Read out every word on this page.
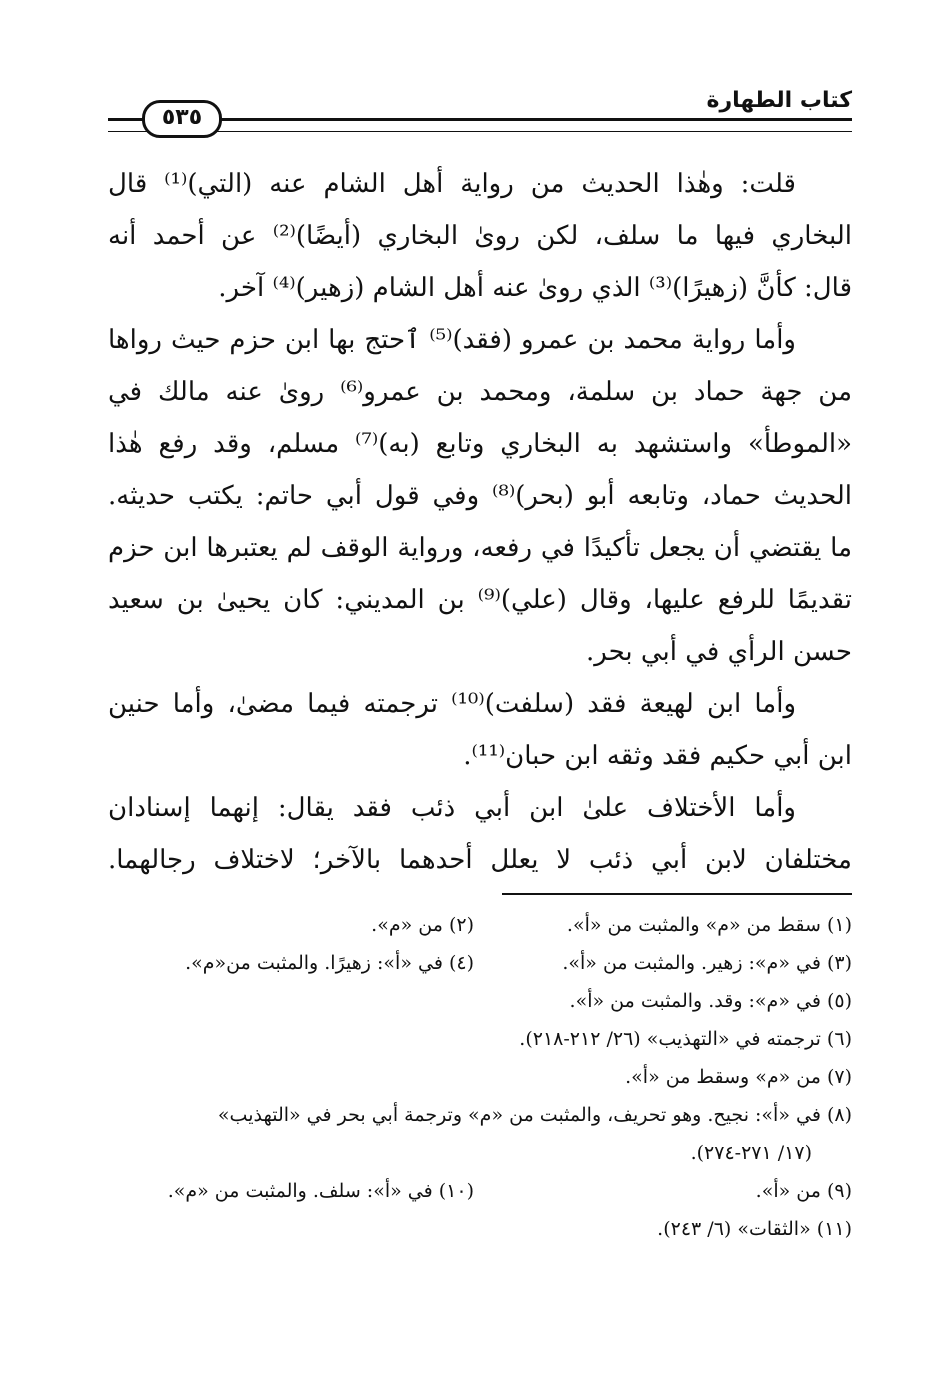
كتاب الطهارة
٥٣٥
قلت: وهٰذا الحديث من رواية أهل الشام عنه (التي)⁽¹⁾ قال
البخاري فيها ما سلف، لكن روىٰ البخاري (أيضًا)⁽²⁾ عن أحمد أنه
قال: كأنَّ (زهيرًا)⁽³⁾ الذي روىٰ عنه أهل الشام (زهير)⁽⁴⁾ آخر.
وأما رواية محمد بن عمرو (فقد)⁽⁵⁾ ٱحتج بها ابن حزم حيث رواها
من جهة حماد بن سلمة، ومحمد بن عمرو⁽⁶⁾ روىٰ عنه مالك في
«الموطأ» واستشهد به البخاري وتابع (به)⁽⁷⁾ مسلم، وقد رفع هٰذا
الحديث حماد، وتابعه أبو (بحر)⁽⁸⁾ وفي قول أبي حاتم: يكتب حديثه.
ما يقتضي أن يجعل تأكيدًا في رفعه، ورواية الوقف لم يعتبرها ابن حزم
تقديمًا للرفع عليها، وقال (علي)⁽⁹⁾ بن المديني: كان يحيىٰ بن سعيد
حسن الرأي في أبي بحر.
وأما ابن لهيعة فقد (سلفت)⁽¹⁰⁾ ترجمته فيما مضىٰ، وأما حنين
ابن أبي حكيم فقد وثقه ابن حبان⁽¹¹⁾.
وأما الأختلاف علىٰ ابن أبي ذئب فقد يقال: إنهما إسنادان
مختلفان لابن أبي ذئب لا يعلل أحدهما بالآخر؛ لاختلاف رجالهما.
(١) سقط من «م» والمثبت من «أ».
(٢) من «م».
(٣) في «م»: زهير. والمثبت من «أ».
(٤) في «أ»: زهيرًا. والمثبت من«م».
(٥) في «م»: وقد. والمثبت من «أ».
(٦) ترجمته في «التهذيب» (٢٦/ ٢١٢-٢١٨).
(٧) من «م» وسقط من «أ».
(٨) في «أ»: نجيح. وهو تحريف، والمثبت من «م» وترجمة أبي بحر في «التهذيب»
(١٧/ ٢٧١-٢٧٤).
(٩) من «أ».
(١٠) في «أ»: سلف. والمثبت من «م».
(١١) «الثقات» (٦/ ٢٤٣).
